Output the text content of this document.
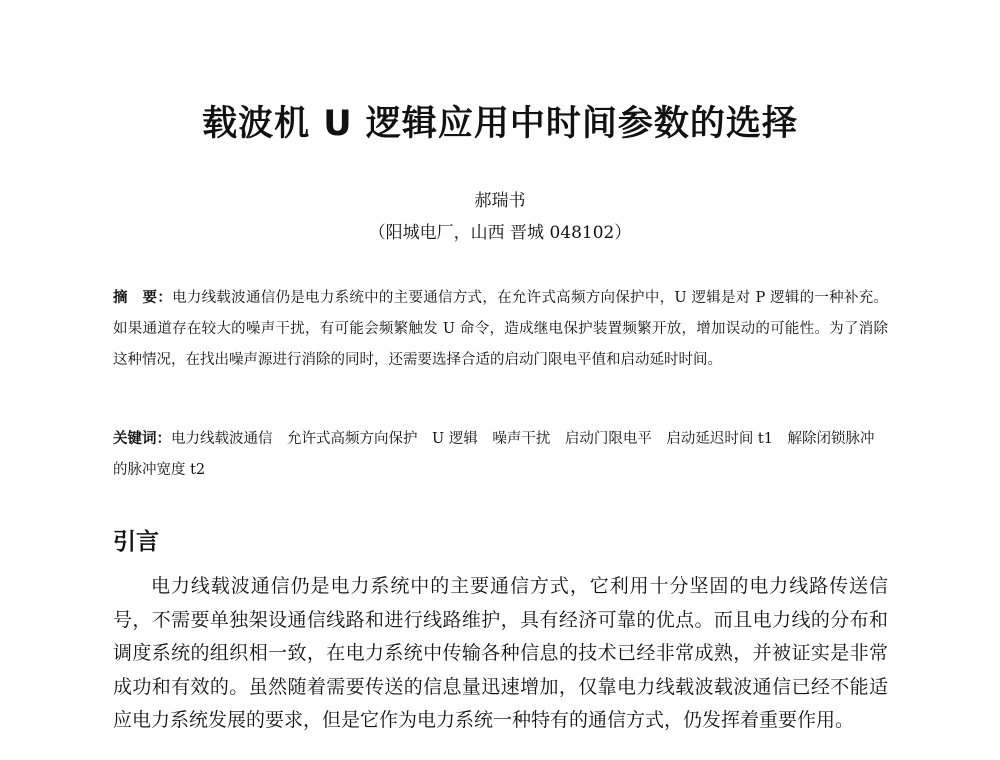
载波机 U 逻辑应用中时间参数的选择
郝瑞书
（阳城电厂，山西 晋城 048102）
摘　要：电力线载波通信仍是电力系统中的主要通信方式，在允许式高频方向保护中，U 逻辑是对 P 逻辑的一种补充。如果通道存在较大的噪声干扰，有可能会频繁触发 U 命令，造成继电保护装置频繁开放，增加误动的可能性。为了消除这种情况，在找出噪声源进行消除的同时，还需要选择合适的启动门限电平值和启动延时时间。
关键词：电力线载波通信　允许式高频方向保护　U 逻辑　噪声干扰　启动门限电平　启动延迟时间 t1　解除闭锁脉冲的脉冲宽度 t2
引言
电力线载波通信仍是电力系统中的主要通信方式，它利用十分坚固的电力线路传送信号，不需要单独架设通信线路和进行线路维护，具有经济可靠的优点。而且电力线的分布和调度系统的组织相一致，在电力系统中传输各种信息的技术已经非常成熟，并被证实是非常成功和有效的。虽然随着需要传送的信息量迅速增加，仅靠电力线载波载波通信已经不能适应电力系统发展的要求，但是它作为电力系统一种特有的通信方式，仍发挥着重要作用。
